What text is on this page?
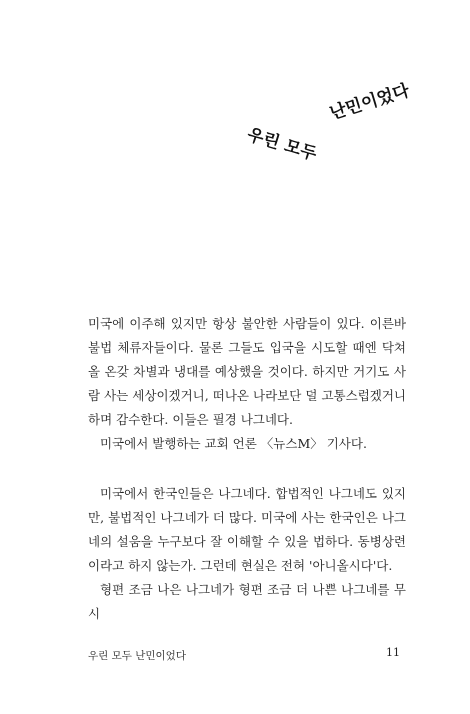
난민이었다
우린 모두

미국에 이주해 있지만 항상 불안한 사람들이 있다. 이른바 불법 체류자들이다. 물론 그들도 입국을 시도할 때엔 닥쳐올 온갖 차별과 냉대를 예상했을 것이다. 하지만 거기도 사람 사는 세상이겠거니, 떠나온 나라보단 덜 고통스럽겠거니 하며 감수한다. 이들은 필경 나그네다.

미국에서 발행하는 교회 언론 〈뉴스M〉 기사다.

미국에서 한국인들은 나그네다. 합법적인 나그네도 있지만, 불법적인 나그네가 더 많다. 미국에 사는 한국인은 나그네의 설움을 누구보다 잘 이해할 수 있을 법하다. 동병상련이라고 하지 않는가. 그런데 현실은 전혀 '아니올시다'다.

형편 조금 나은 나그네가 형편 조금 더 나쁜 나그네를 무시

우린 모두 난민이었다	11
